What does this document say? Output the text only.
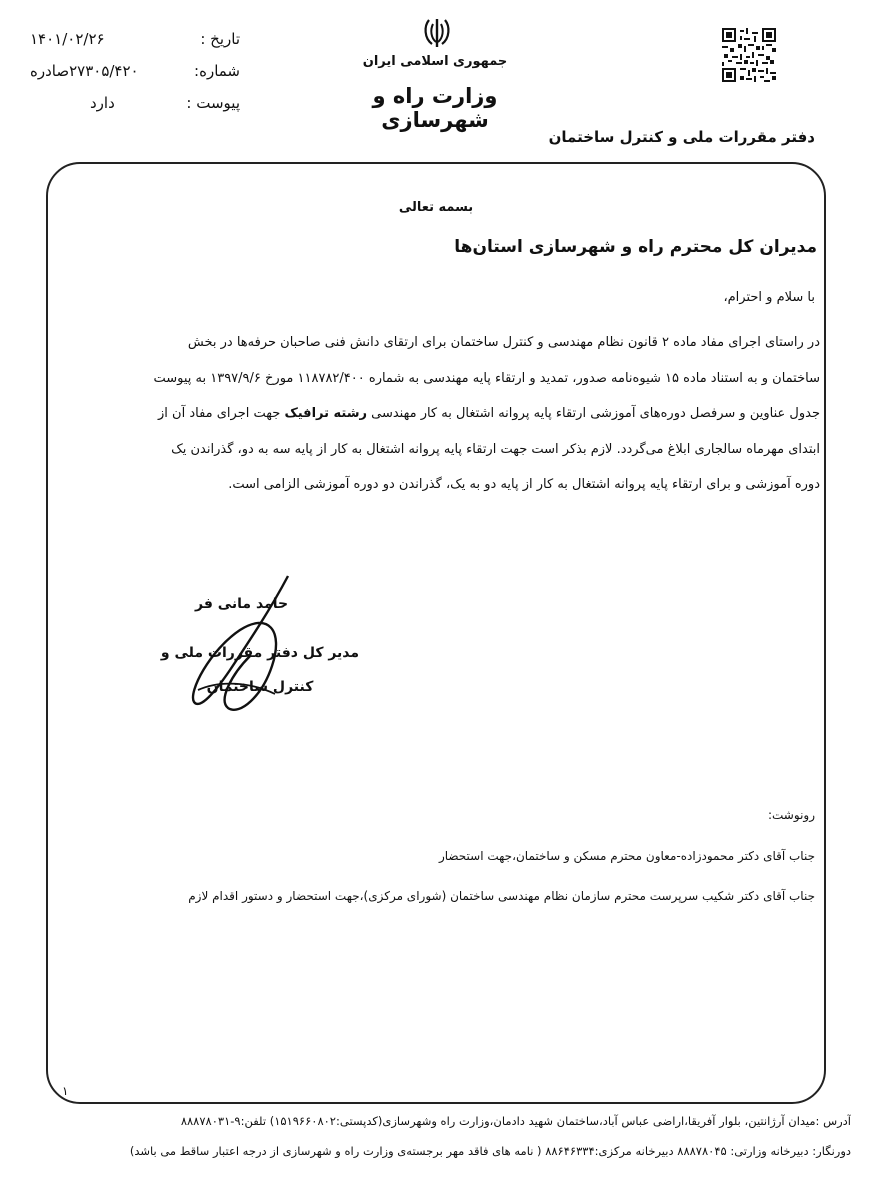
تاریخ :
۱۴۰۱/۰۲/۲۶
شماره:
۲۷۳۰۵/۴۲۰صادره
پیوست :
دارد
جمهوری اسلامی ایران
وزارت راه و شهرسازی
دفتر مقررات ملی و کنترل ساختمان
بسمه تعالی
مدیران کل محترم راه و شهرسازی استان‌ها
با سلام و احترام،
در راستای اجرای مفاد ماده ۲ قانون نظام مهندسی و کنترل ساختمان برای ارتقای دانش فنی صاحبان حرفه‌ها در بخش
ساختمان و به استناد ماده ۱۵ شیوه‌نامه صدور، تمدید و ارتقاء پایه مهندسی به شماره ۱۱۸۷۸۲/۴۰۰ مورخ ۱۳۹۷/۹/۶ به پیوست
جدول عناوین و سرفصل دوره‌های آموزشی ارتقاء پایه پروانه اشتغال به کار مهندسی رشته ترافیک جهت اجرای مفاد آن از
ابتدای مهرماه سالجاری ابلاغ می‌گردد. لازم بذکر است جهت ارتقاء پایه پروانه اشتغال به کار از پایه سه به دو، گذراندن یک
دوره آموزشی و برای ارتقاء پایه پروانه اشتغال به کار از پایه دو به یک، گذراندن دو دوره آموزشی الزامی است.
حامد مانی فر
مدیر کل دفتر مقررات ملی و کنترل ساختمان
رونوشت:
جناب آقای دکتر محمودزاده-معاون محترم مسکن و ساختمان،جهت استحضار
جناب آقای دکتر شکیب سرپرست محترم سازمان نظام مهندسی ساختمان (شورای مرکزی)،جهت استحضار و دستور اقدام لازم
۱
آدرس :میدان آرژانتین، بلوار آفریقا،اراضی عباس آباد،ساختمان شهید دادمان،وزارت راه وشهرسازی(کدپستی:۱۵۱۹۶۶۰۸۰۲) تلفن:۹-۸۸۸۷۸۰۳۱
دورنگار: دبیرخانه وزارتی: ۸۸۸۷۸۰۴۵ دبیرخانه مرکزی:۸۸۶۴۶۳۳۴ ( نامه های فاقد مهر برجسته‌ی وزارت راه و شهرسازی از درجه اعتبار ساقط می باشد)
